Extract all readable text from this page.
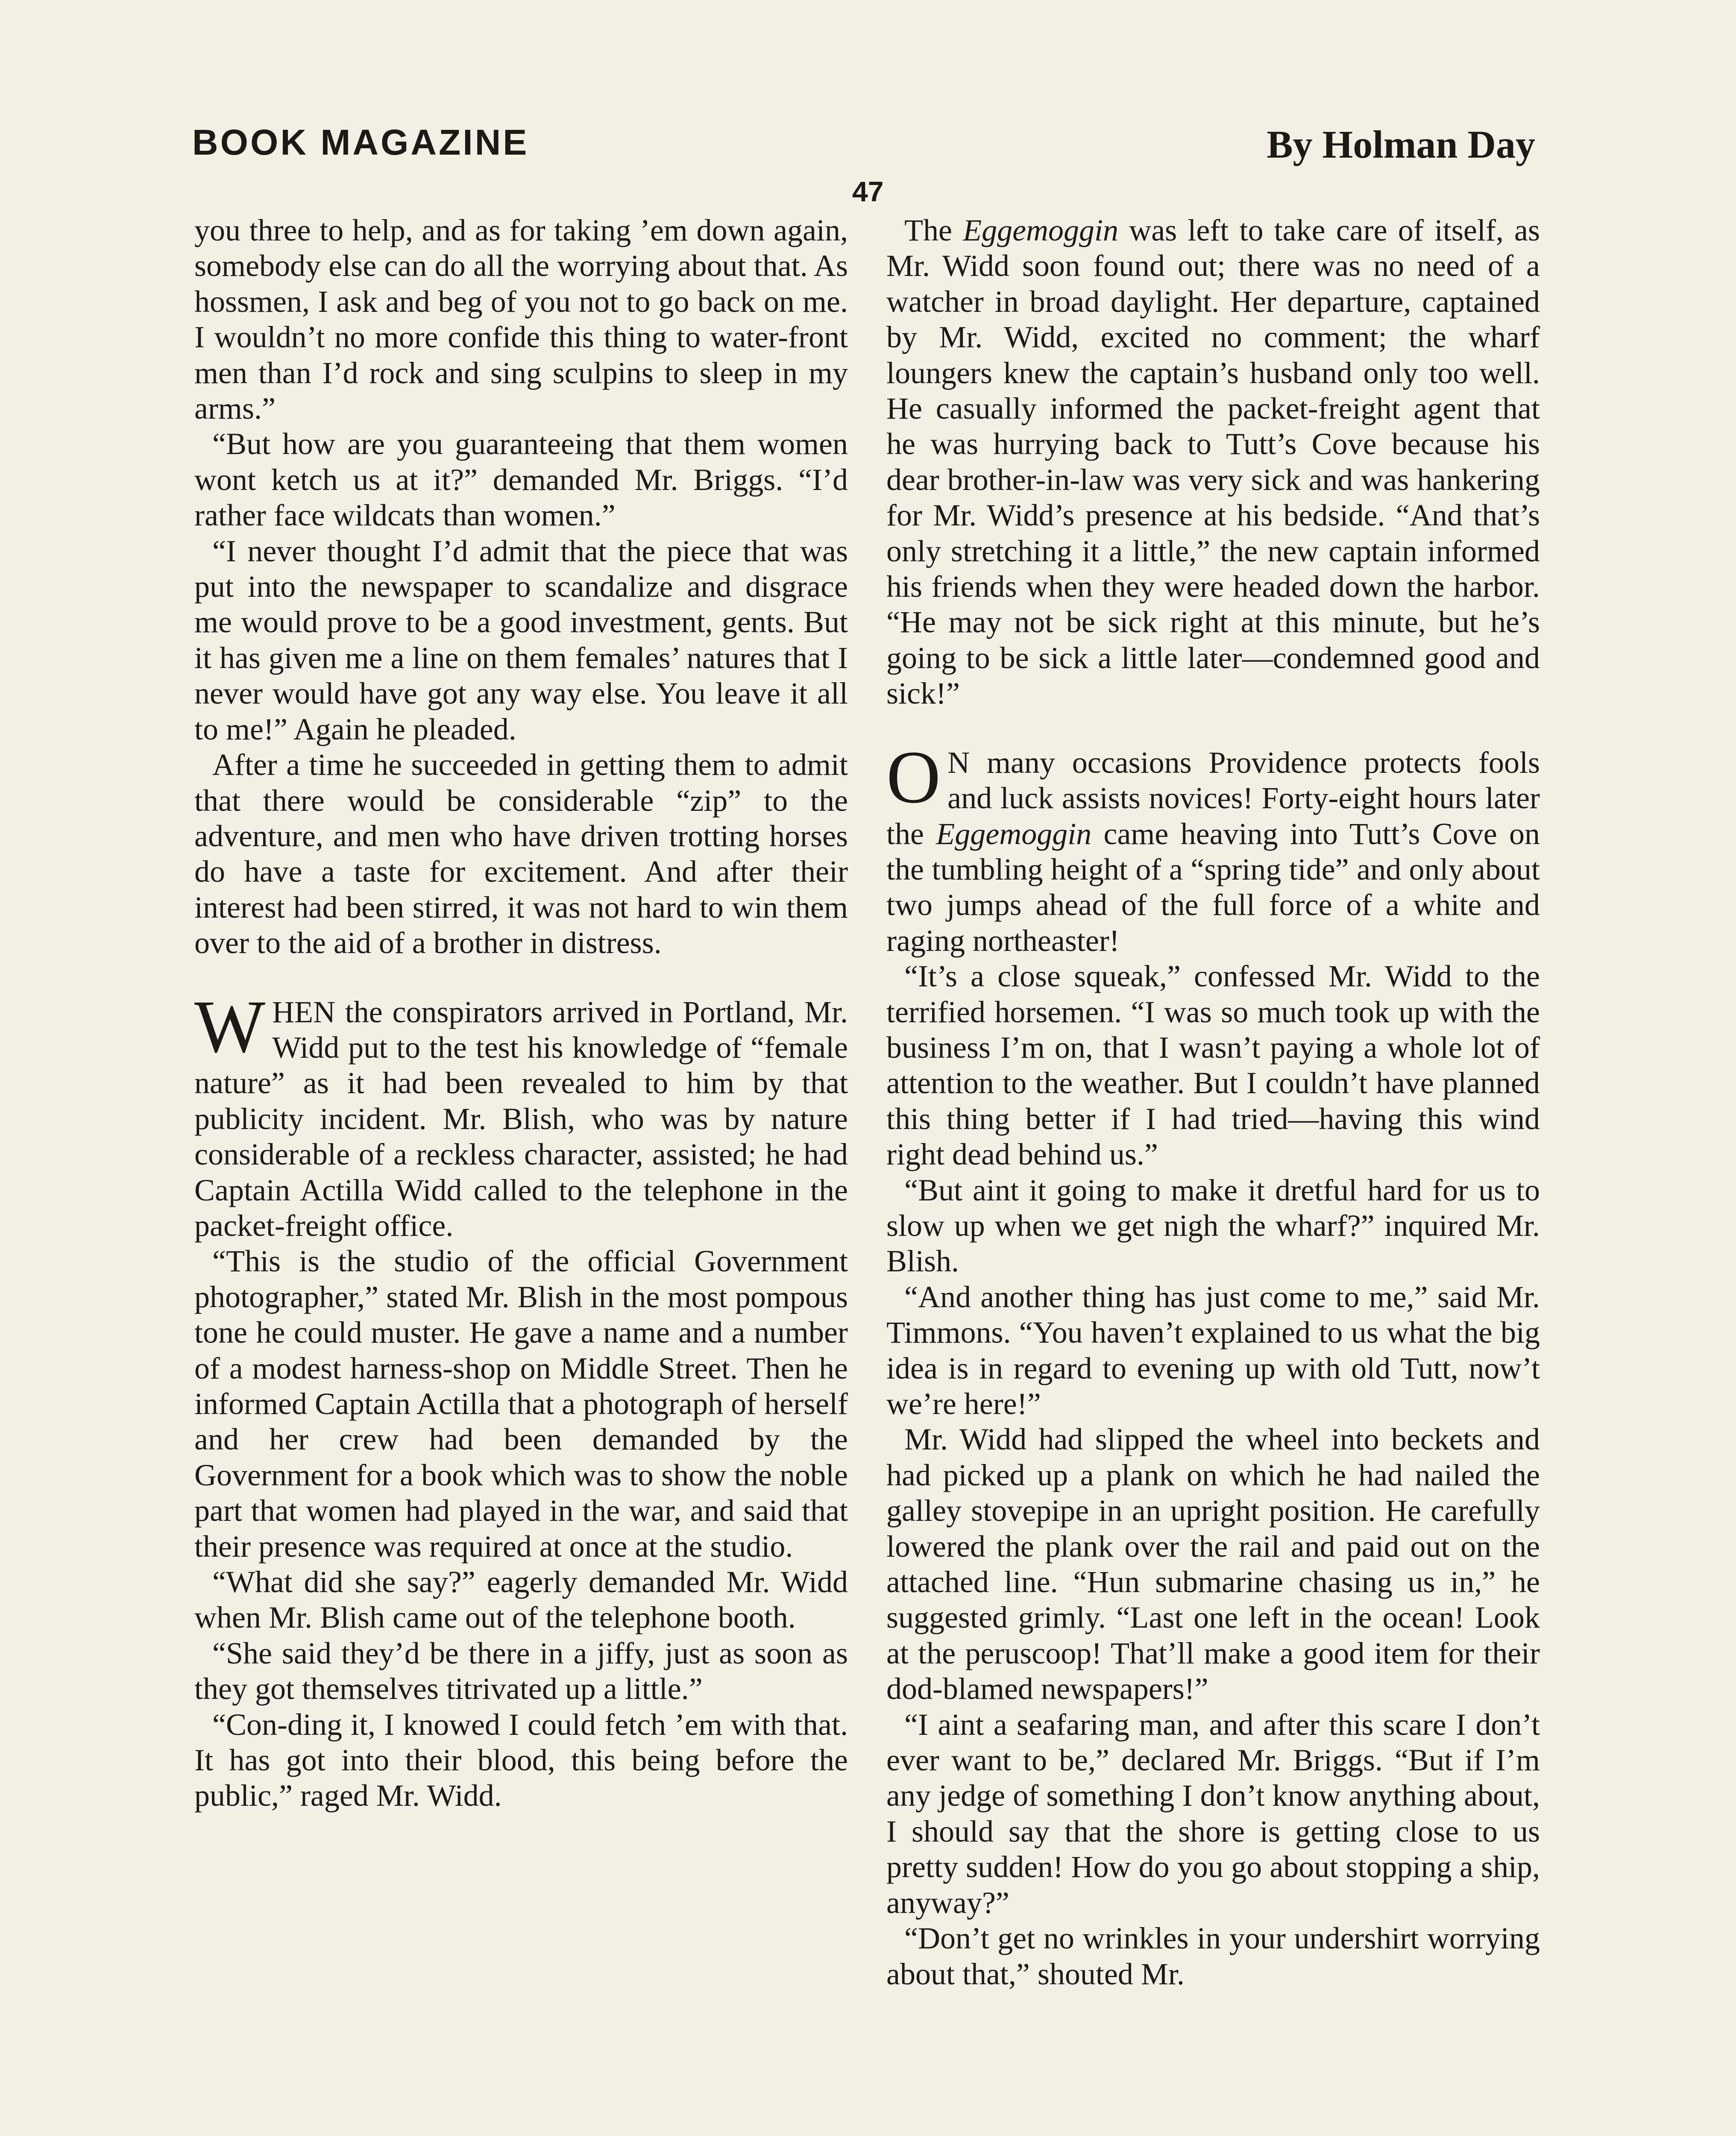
BOOK MAGAZINE	By Holman Day
47

you three to help, and as for taking ’em down again, somebody else can do all the worrying about that. As hossmen, I ask and beg of you not to go back on me. I wouldn’t no more confide this thing to water-front men than I’d rock and sing sculpins to sleep in my arms.”

“But how are you guaranteeing that them women wont ketch us at it?” demanded Mr. Briggs. “I’d rather face wildcats than women.”

“I never thought I’d admit that the piece that was put into the newspaper to scandalize and disgrace me would prove to be a good investment, gents. But it has given me a line on them females’ natures that I never would have got any way else. You leave it all to me!” Again he pleaded.

After a time he succeeded in getting them to admit that there would be considerable “zip” to the adventure, and men who have driven trotting horses do have a taste for excitement. And after their interest had been stirred, it was not hard to win them over to the aid of a brother in distress.

WHEN the conspirators arrived in Portland, Mr. Widd put to the test his knowledge of “female nature” as it had been revealed to him by that publicity incident. Mr. Blish, who was by nature considerable of a reckless character, assisted; he had Captain Actilla Widd called to the telephone in the packet-freight office.

“This is the studio of the official Government photographer,” stated Mr. Blish in the most pompous tone he could muster. He gave a name and a number of a modest harness-shop on Middle Street. Then he informed Captain Actilla that a photograph of herself and her crew had been demanded by the Government for a book which was to show the noble part that women had played in the war, and said that their presence was required at once at the studio.

“What did she say?” eagerly demanded Mr. Widd when Mr. Blish came out of the telephone booth.

“She said they’d be there in a jiffy, just as soon as they got themselves titrivated up a little.”

“Con-ding it, I knowed I could fetch ’em with that. It has got into their blood, this being before the public,” raged Mr. Widd.

The Eggemoggin was left to take care of itself, as Mr. Widd soon found out; there was no need of a watcher in broad daylight. Her departure, captained by Mr. Widd, excited no comment; the wharf loungers knew the captain’s husband only too well. He casually informed the packet-freight agent that he was hurrying back to Tutt’s Cove because his dear brother-in-law was very sick and was hankering for Mr. Widd’s presence at his bedside. “And that’s only stretching it a little,” the new captain informed his friends when they were headed down the harbor. “He may not be sick right at this minute, but he’s going to be sick a little later—condemned good and sick!”

O N many occasions Providence protects fools and luck assists novices! Forty-eight hours later the Eggemoggin came heaving into Tutt’s Cove on the tumbling height of a “spring tide” and only about two jumps ahead of the full force of a white and raging northeaster!

“It’s a close squeak,” confessed Mr. Widd to the terrified horsemen. “I was so much took up with the business I’m on, that I wasn’t paying a whole lot of attention to the weather. But I couldn’t have planned this thing better if I had tried—having this wind right dead behind us.”

“But aint it going to make it dretful hard for us to slow up when we get nigh the wharf?” inquired Mr. Blish.

“And another thing has just come to me,” said Mr. Timmons. “You haven’t explained to us what the big idea is in regard to evening up with old Tutt, now’t we’re here!”

Mr. Widd had slipped the wheel into beckets and had picked up a plank on which he had nailed the galley stovepipe in an upright position. He carefully lowered the plank over the rail and paid out on the attached line. “Hun submarine chasing us in,” he suggested grimly. “Last one left in the ocean! Look at the peruscoop! That’ll make a good item for their dod-blamed newspapers!”

“I aint a seafaring man, and after this scare I don’t ever want to be,” declared Mr. Briggs. “But if I’m any jedge of something I don’t know anything about, I should say that the shore is getting close to us pretty sudden! How do you go about stopping a ship, anyway?”

“Don’t get no wrinkles in your undershirt worrying about that,” shouted Mr.
